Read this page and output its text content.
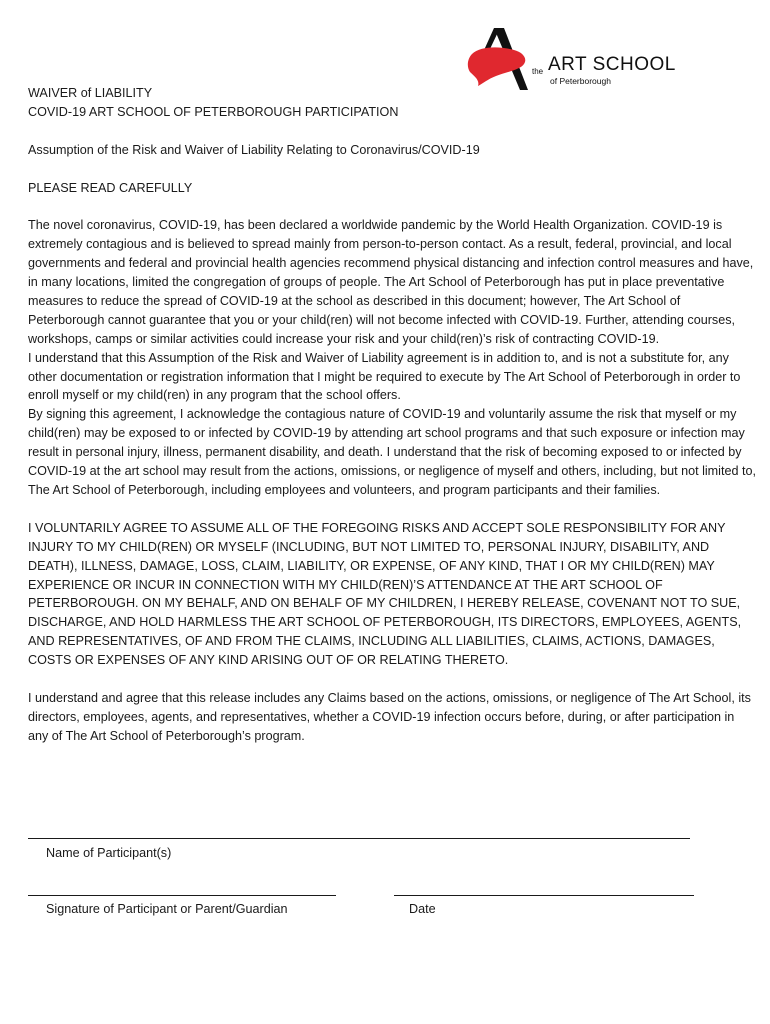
the ART SCHOOL
of Peterborough

WAIVER of LIABILITY

COVID-19 ART SCHOOL OF PETERBOROUGH PARTICIPATION

Assumption of the Risk and Waiver of Liability Relating to Coronavirus/COVID-19

PLEASE READ CAREFULLY

The novel coronavirus, COVID-19, has been declared a worldwide pandemic by the World Health Organization. COVID-19 is extremely contagious and is believed to spread mainly from person-to-person contact. As a result, federal, provincial, and local governments and federal and provincial health agencies recommend physical distancing and infection control measures and have, in many locations, limited the congregation of groups of people. The Art School of Peterborough has put in place preventative measures to reduce the spread of COVID-19 at the school as described in this document; however, The Art School of Peterborough cannot guarantee that you or your child(ren) will not become infected with COVID-19. Further, attending courses, workshops, camps or similar activities could increase your risk and your child(ren)’s risk of contracting COVID-19.

I understand that this Assumption of the Risk and Waiver of Liability agreement is in addition to, and is not a substitute for, any other documentation or registration information that I might be required to execute by The Art School of Peterborough in order to enroll myself or my child(ren) in any program that the school offers.

By signing this agreement, I acknowledge the contagious nature of COVID-19 and voluntarily assume the risk that myself or my child(ren) may be exposed to or infected by COVID-19 by attending art school programs and that such exposure or infection may result in personal injury, illness, permanent disability, and death. I understand that the risk of becoming exposed to or infected by COVID-19 at the art school may result from the actions, omissions, or negligence of myself and others, including, but not limited to, The Art School of Peterborough, including employees and volunteers, and program participants and their families.

I VOLUNTARILY AGREE TO ASSUME ALL OF THE FOREGOING RISKS AND ACCEPT SOLE RESPONSIBILITY FOR ANY INJURY TO MY CHILD(REN) OR MYSELF (INCLUDING, BUT NOT LIMITED TO, PERSONAL INJURY, DISABILITY, AND DEATH), ILLNESS, DAMAGE, LOSS, CLAIM, LIABILITY, OR EXPENSE, OF ANY KIND, THAT I OR MY CHILD(REN) MAY EXPERIENCE OR INCUR IN CONNECTION WITH MY CHILD(REN)’S ATTENDANCE AT THE ART SCHOOL OF PETERBOROUGH. ON MY BEHALF, AND ON BEHALF OF MY CHILDREN, I HEREBY RELEASE, COVENANT NOT TO SUE, DISCHARGE, AND HOLD HARMLESS THE ART SCHOOL OF PETERBOROUGH, ITS DIRECTORS, EMPLOYEES, AGENTS, AND REPRESENTATIVES, OF AND FROM THE CLAIMS, INCLUDING ALL LIABILITIES, CLAIMS, ACTIONS, DAMAGES, COSTS OR EXPENSES OF ANY KIND ARISING OUT OF OR RELATING THERETO.

I understand and agree that this release includes any Claims based on the actions, omissions, or negligence of The Art School, its directors, employees, agents, and representatives, whether a COVID-19 infection occurs before, during, or after participation in any of The Art School of Peterborough’s program.

Name of Participant(s)
Signature of Participant or Parent/Guardian	Date
